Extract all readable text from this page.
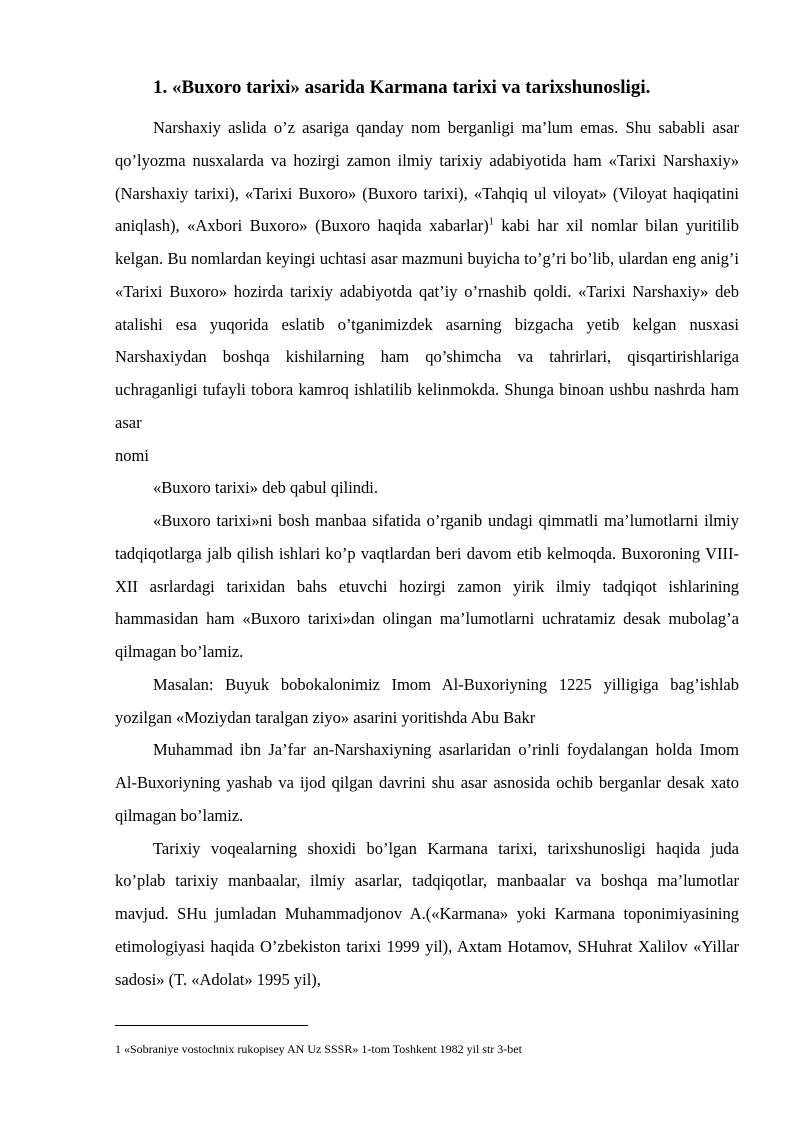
1. «Buxoro tarixi» asarida Karmana tarixi va tarixshunosligi.

Narshaxiy aslida o’z asariga qanday nom berganligi ma’lum emas. Shu sababli asar qo’lyozma nusxalarda va hozirgi zamon ilmiy tarixiy adabiyotida ham «Tarixi Narshaxiy» (Narshaxiy tarixi), «Tarixi Buxoro» (Buxoro tarixi), «Tahqiq ul viloyat» (Viloyat haqiqatini aniqlash), «Axbori Buxoro» (Buxoro haqida xabarlar)$^1$ kabi har xil nomlar bilan yuritilib kelgan. Bu nomlardan keyingi uchtasi asar mazmuni buyicha to’g’ri bo’lib, ulardan eng anig’i «Tarixi Buxoro» hozirda tarixiy adabiyotda qat’iy o’rnashib qoldi. «Tarixi Narshaxiy» deb atalishi esa yuqorida eslatib o’tganimizdek asarning bizgacha yetib kelgan nusxasi Narshaxiydan boshqa kishilarning ham qo’shimcha va tahrirlari, qisqartirishlariga uchraganligi tufayli tobora kamroq ishlatilib kelinmokda. Shunga binoan ushbu nashrda ham asar

nomi

«Buxoro tarixi» deb qabul qilindi.

«Buxoro tarixi»ni bosh manbaa sifatida o’rganib undagi qimmatli ma’lumotlarni ilmiy tadqiqotlarga jalb qilish ishlari ko’p vaqtlardan beri davom etib kelmoqda. Buxoroning VIII-XII asrlardagi tarixidan bahs etuvchi hozirgi zamon yirik ilmiy tadqiqot ishlarining hammasidan ham «Buxoro tarixi»dan olingan ma’lumotlarni uchratamiz desak mubolag’a qilmagan bo’lamiz.

Masalan: Buyuk bobokalonimiz Imom Al-Buxoriyning 1225 yilligiga bag’ishlab yozilgan «Moziydan taralgan ziyo» asarini yoritishda Abu Bakr

Muhammad ibn Ja’far an-Narshaxiyning asarlaridan o’rinli foydalangan holda Imom Al-Buxoriyning yashab va ijod qilgan davrini shu asar asnosida ochib berganlar desak xato qilmagan bo’lamiz.

Tarixiy voqealarning shoxidi bo’lgan Karmana tarixi, tarixshunosligi haqida juda ko’plab tarixiy manbaalar, ilmiy asarlar, tadqiqotlar, manbaalar va boshqa ma’lumotlar mavjud. SHu jumladan Muhammadjonov A.(«Karmana» yoki Karmana toponimiyasining etimologiyasi haqida O’zbekiston tarixi 1999 yil), Axtam Hotamov, SHuhrat Xalilov «Yillar sadosi» (T. «Adolat» 1995 yil),

1 «Sobraniye vostochnix rukopisey AN Uz SSSR» 1-tom Toshkent 1982 yil str 3-bet
